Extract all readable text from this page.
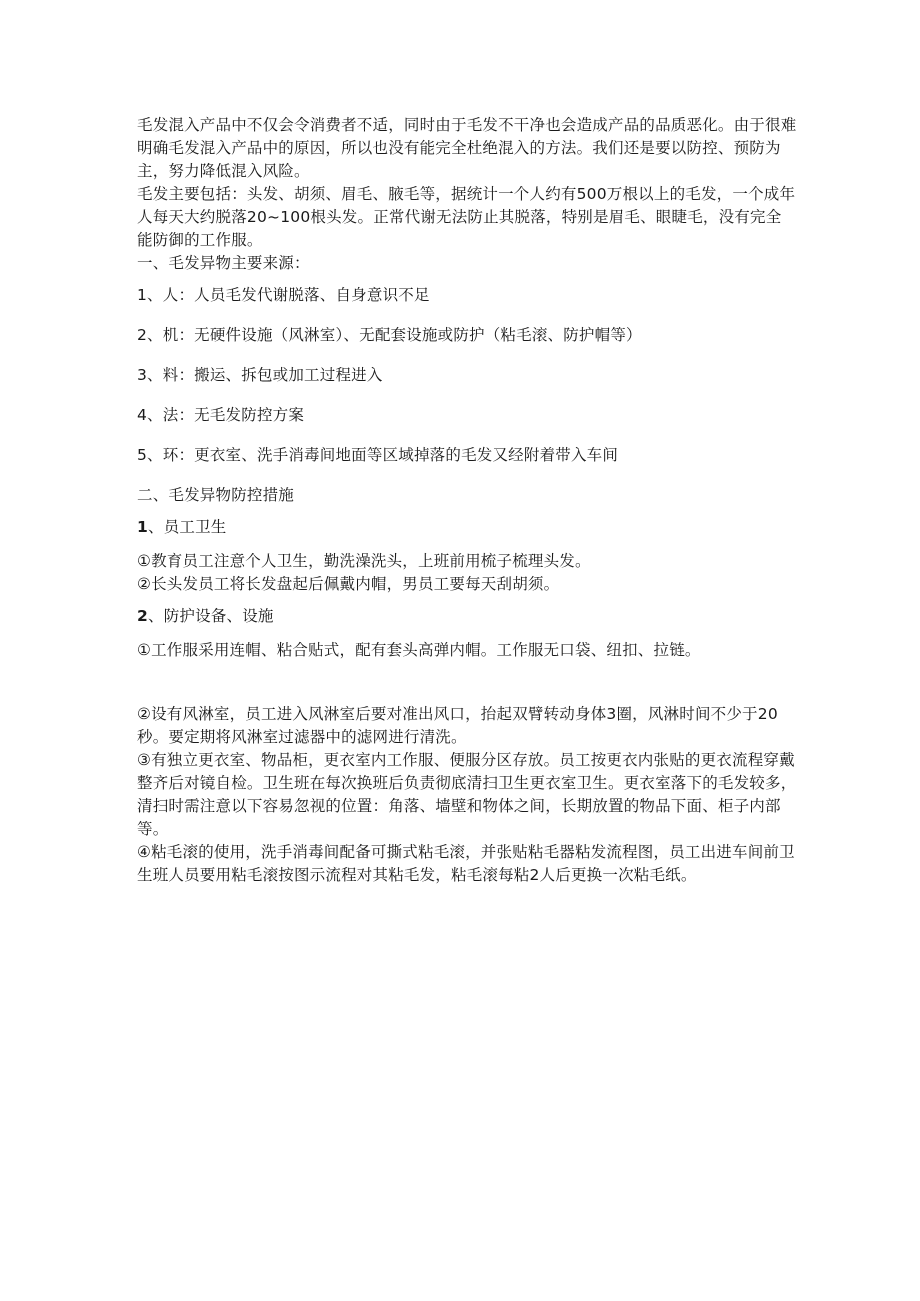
毛发混入产品中不仅会令消费者不适，同时由于毛发不干净也会造成产品的品质恶化。由于很难明确毛发混入产品中的原因，所以也没有能完全杜绝混入的方法。我们还是要以防控、预防为主，努力降低混入风险。

毛发主要包括：头发、胡须、眉毛、腋毛等，据统计一个人约有500万根以上的毛发，一个成年人每天大约脱落20~100根头发。正常代谢无法防止其脱落，特别是眉毛、眼睫毛，没有完全能防御的工作服。

一、毛发异物主要来源：

1、人：人员毛发代谢脱落、自身意识不足

2、机：无硬件设施（风淋室）、无配套设施或防护（粘毛滚、防护帽等）

3、料：搬运、拆包或加工过程进入

4、法：无毛发防控方案

5、环：更衣室、洗手消毒间地面等区域掉落的毛发又经附着带入车间

二、毛发异物防控措施

1、员工卫生

①教育员工注意个人卫生，勤洗澡洗头，上班前用梳子梳理头发。

②长头发员工将长发盘起后佩戴内帽，男员工要每天刮胡须。

2、防护设备、设施

①工作服采用连帽、粘合贴式，配有套头高弹内帽。工作服无口袋、纽扣、拉链。

②设有风淋室，员工进入风淋室后要对准出风口，抬起双臂转动身体3圈，风淋时间不少于20秒。要定期将风淋室过滤器中的滤网进行清洗。

③有独立更衣室、物品柜，更衣室内工作服、便服分区存放。员工按更衣内张贴的更衣流程穿戴整齐后对镜自检。卫生班在每次换班后负责彻底清扫卫生更衣室卫生。更衣室落下的毛发较多，清扫时需注意以下容易忽视的位置：角落、墙壁和物体之间，长期放置的物品下面、柜子内部等。

④粘毛滚的使用，洗手消毒间配备可撕式粘毛滚，并张贴粘毛器粘发流程图，员工出进车间前卫生班人员要用粘毛滚按图示流程对其粘毛发，粘毛滚每粘2人后更换一次粘毛纸。
